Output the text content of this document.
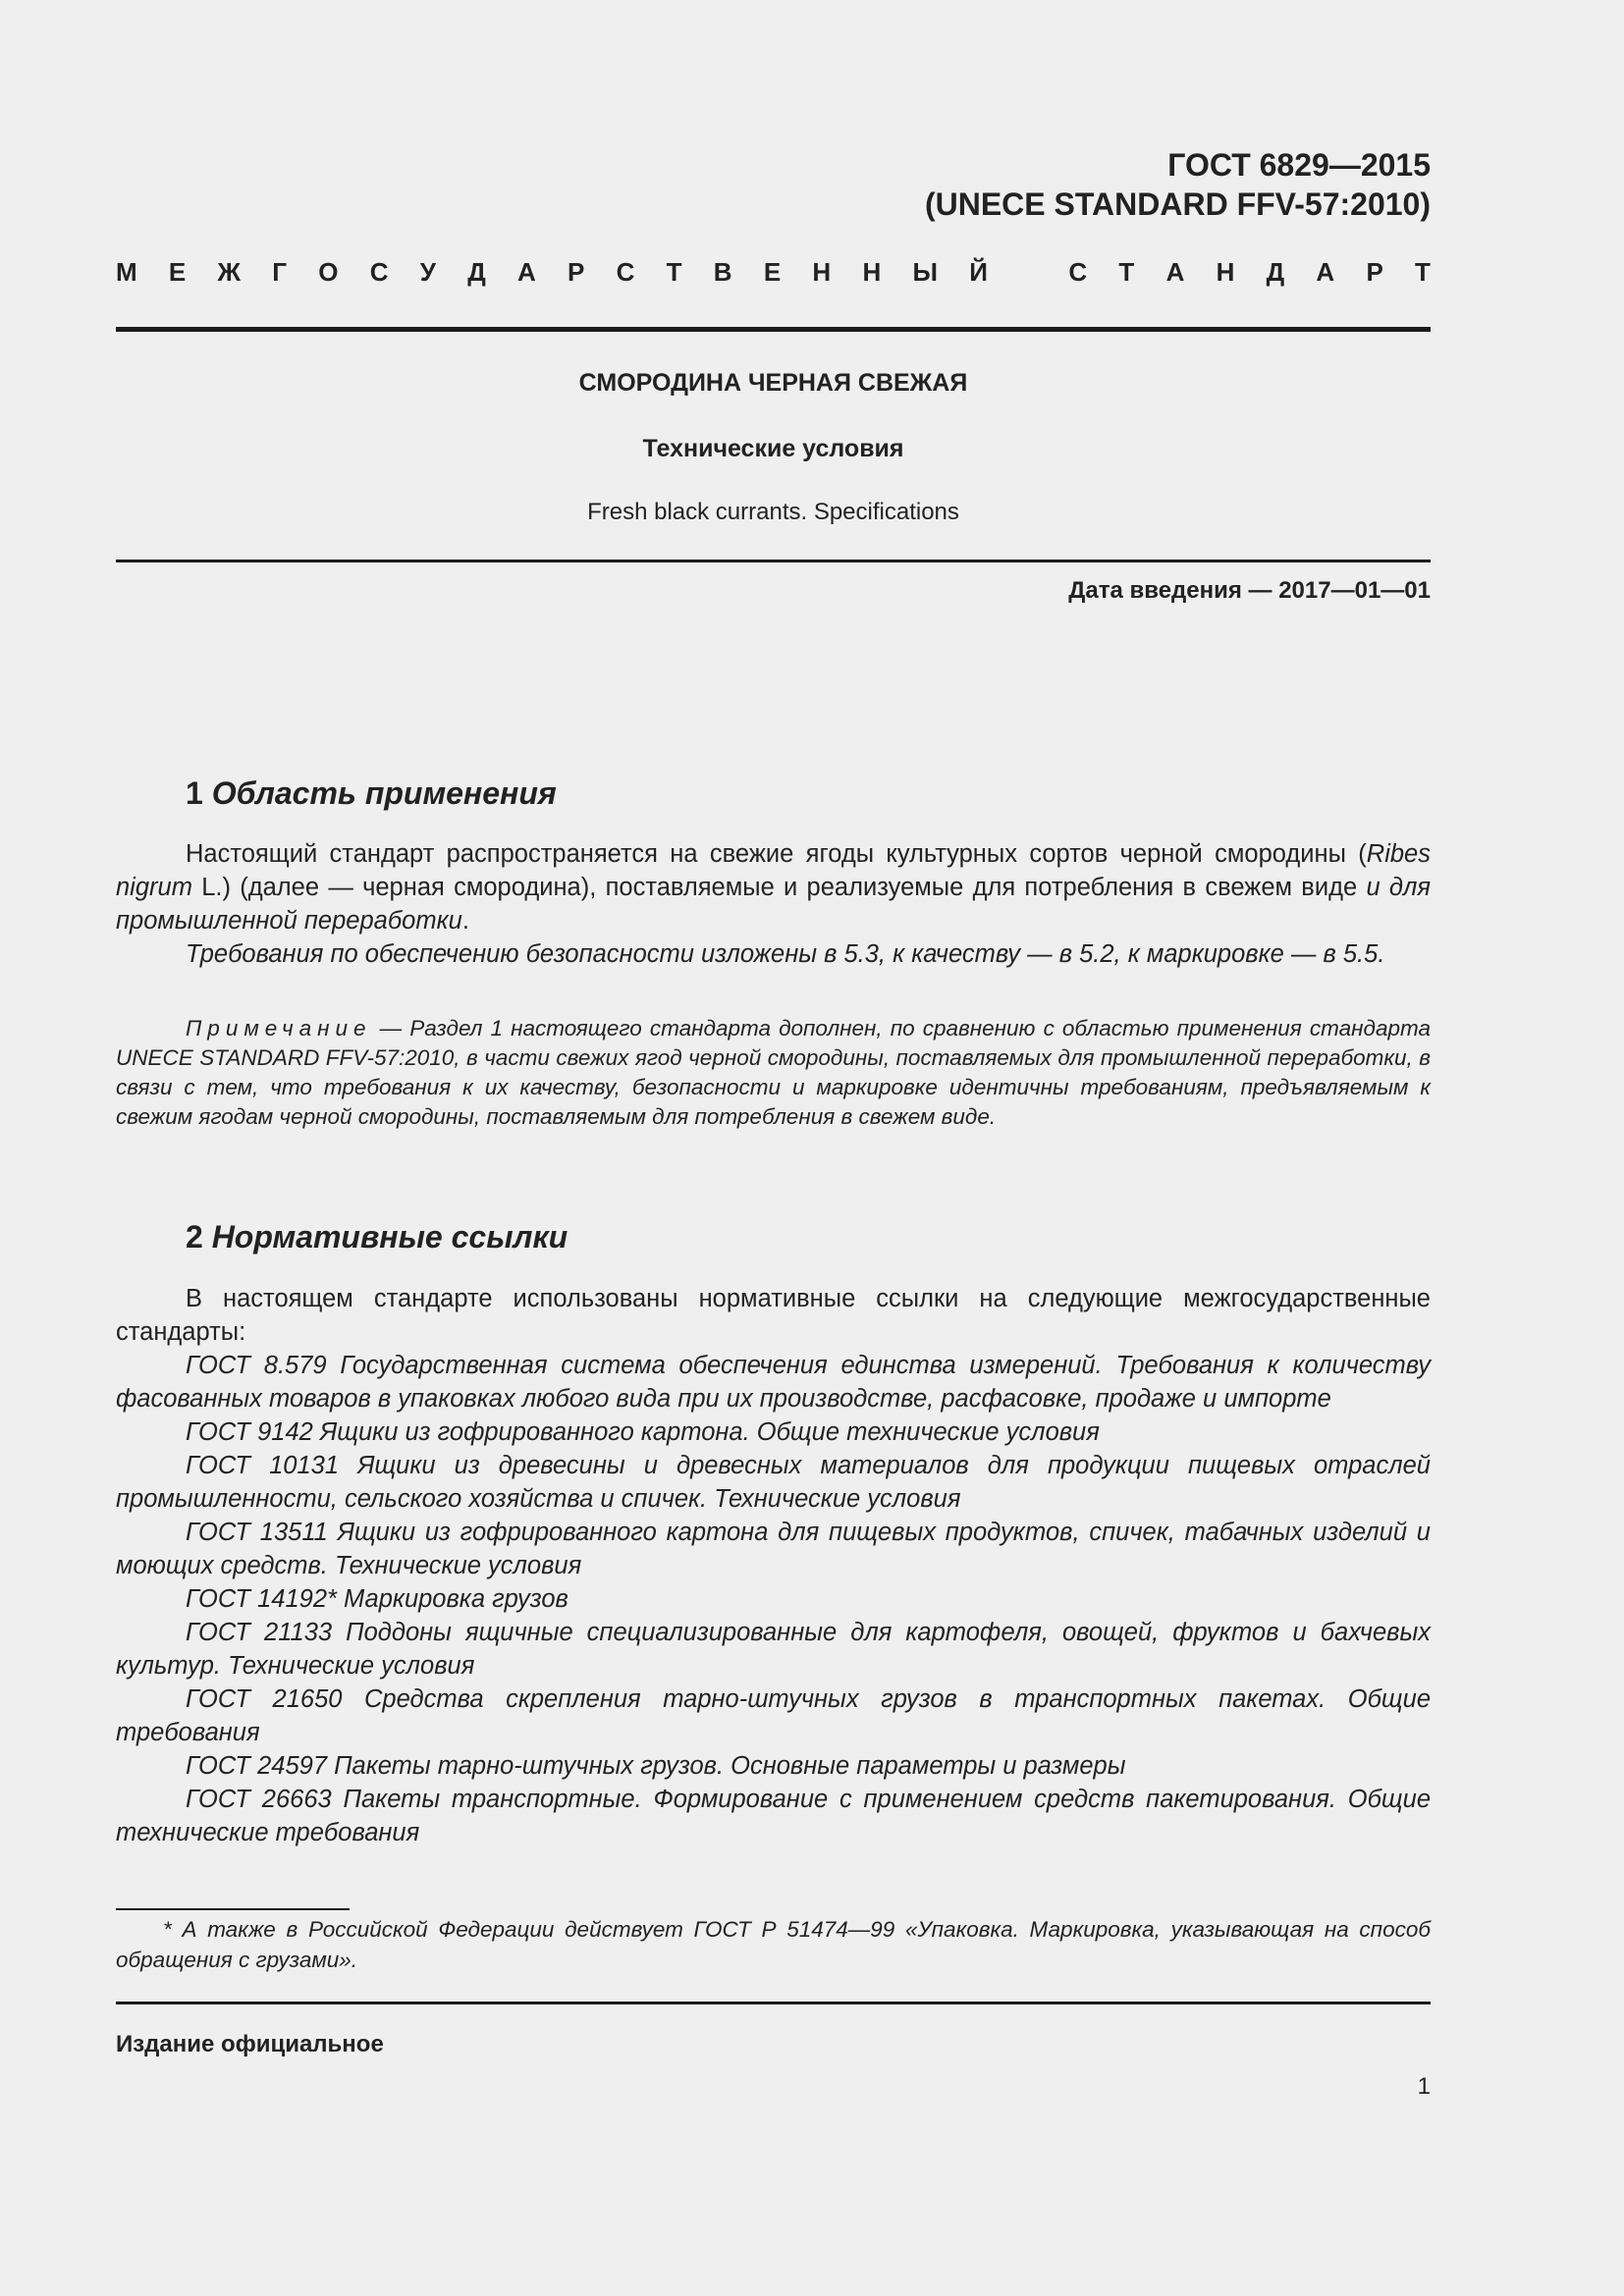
ГОСТ 6829—2015
(UNECE STANDARD FFV-57:2010)
М Е Ж Г О С У Д А Р С Т В Е Н Н Ы Й
	С Т А Н Д А Р Т
СМОРОДИНА ЧЕРНАЯ СВЕЖАЯ
Технические условия
Fresh black currants. Specifications
Дата введения — 2017—01—01
1 Область применения

Настоящий стандарт распространяется на свежие ягоды культурных сортов черной смородины (Ribes nigrum L.) (далее — черная смородина), поставляемые и реализуемые для потребления в свежем виде и для промышленной переработки.

Требования по обеспечению безопасности изложены в 5.3, к качеству — в 5.2, к маркировке — в 5.5.

Примечание — Раздел 1 настоящего стандарта дополнен, по сравнению с областью применения стандарта UNECE STANDARD FFV-57:2010, в части свежих ягод черной смородины, поставляемых для промышленной переработки, в связи с тем, что требования к их качеству, безопасности и маркировке идентичны требованиям, предъявляемым к свежим ягодам черной смородины, поставляемым для потребления в свежем виде.

2 Нормативные ссылки

В настоящем стандарте использованы нормативные ссылки на следующие межгосударственные стандарты:

ГОСТ 8.579 Государственная система обеспечения единства измерений. Требования к количеству фасованных товаров в упаковках любого вида при их производстве, расфасовке, продаже и импорте

ГОСТ 9142 Ящики из гофрированного картона. Общие технические условия

ГОСТ 10131 Ящики из древесины и древесных материалов для продукции пищевых отраслей промышленности, сельского хозяйства и спичек. Технические условия

ГОСТ 13511 Ящики из гофрированного картона для пищевых продуктов, спичек, табачных изделий и моющих средств. Технические условия

ГОСТ 14192* Маркировка грузов

ГОСТ 21133 Поддоны ящичные специализированные для картофеля, овощей, фруктов и бахчевых культур. Технические условия

ГОСТ 21650 Средства скрепления тарно-штучных грузов в транспортных пакетах. Общие требования

ГОСТ 24597 Пакеты тарно-штучных грузов. Основные параметры и размеры

ГОСТ 26663 Пакеты транспортные. Формирование с применением средств пакетирования. Общие технические требования

* А также в Российской Федерации действует ГОСТ Р 51474—99 «Упаковка. Маркировка, указывающая на способ обращения с грузами».

Издание официальное
1
